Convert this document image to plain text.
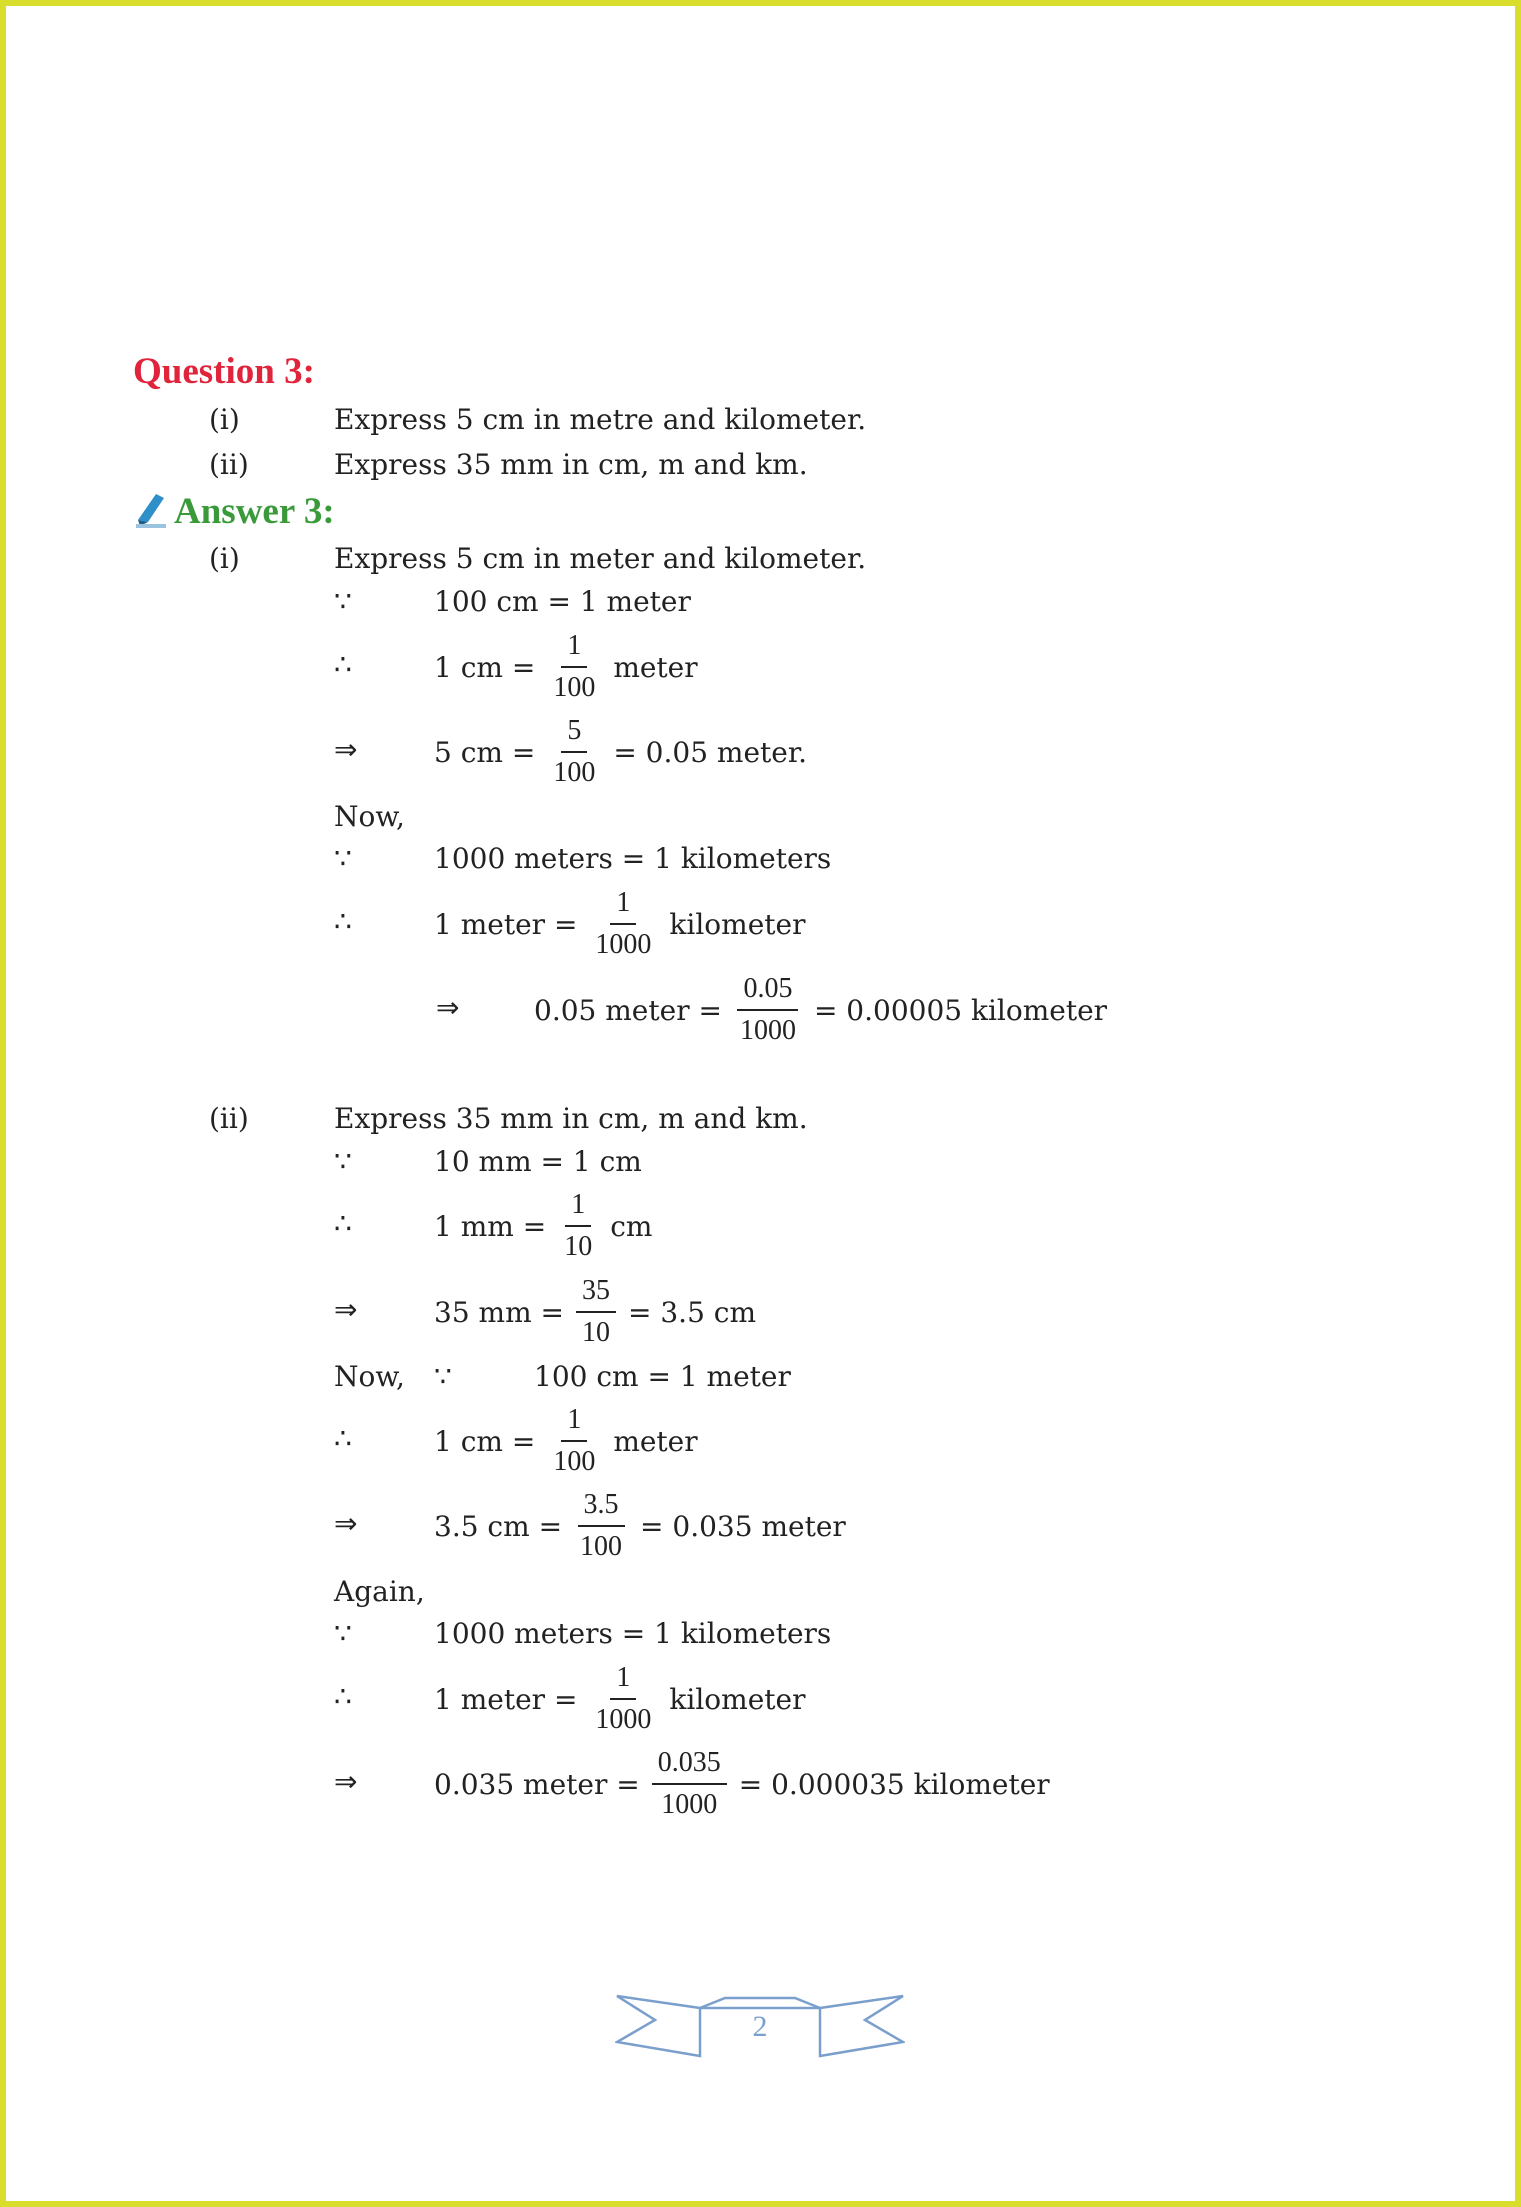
Question 3:
(i)	Express 5 cm in metre and kilometer.
(ii)	Express 35 mm in cm, m and km.
Answer 3:
(i)	Express 5 cm in meter and kilometer.
∵	100 cm = 1 meter
∴	1 cm = $\frac{1}{100}$ meter
⇒	5 cm = $\frac{5}{100} = 0.05$ meter.
Now,
∵	1000 meters = 1 kilometers
∴	1 meter = $\frac{1}{1000}$ kilometer
⇒	0.05 meter = $\frac{0.05}{1000} = 0.00005$ kilometer
(ii)	Express 35 mm in cm, m and km.
∵	10 mm = 1 cm
∴	1 mm = $\frac{1}{10}$ cm
⇒	35 mm = $\frac{35}{10} = 3.5$ cm
Now, ∵	100 cm = 1 meter
∴	1 cm = $\frac{1}{100}$ meter
⇒	3.5 cm = $\frac{3.5}{100} = 0.035$ meter
Again,
∵	1000 meters = 1 kilometers
∴	1 meter = $\frac{1}{1000}$ kilometer
⇒	0.035 meter = $\frac{0.035}{1000} = 0.000035$ kilometer
2
